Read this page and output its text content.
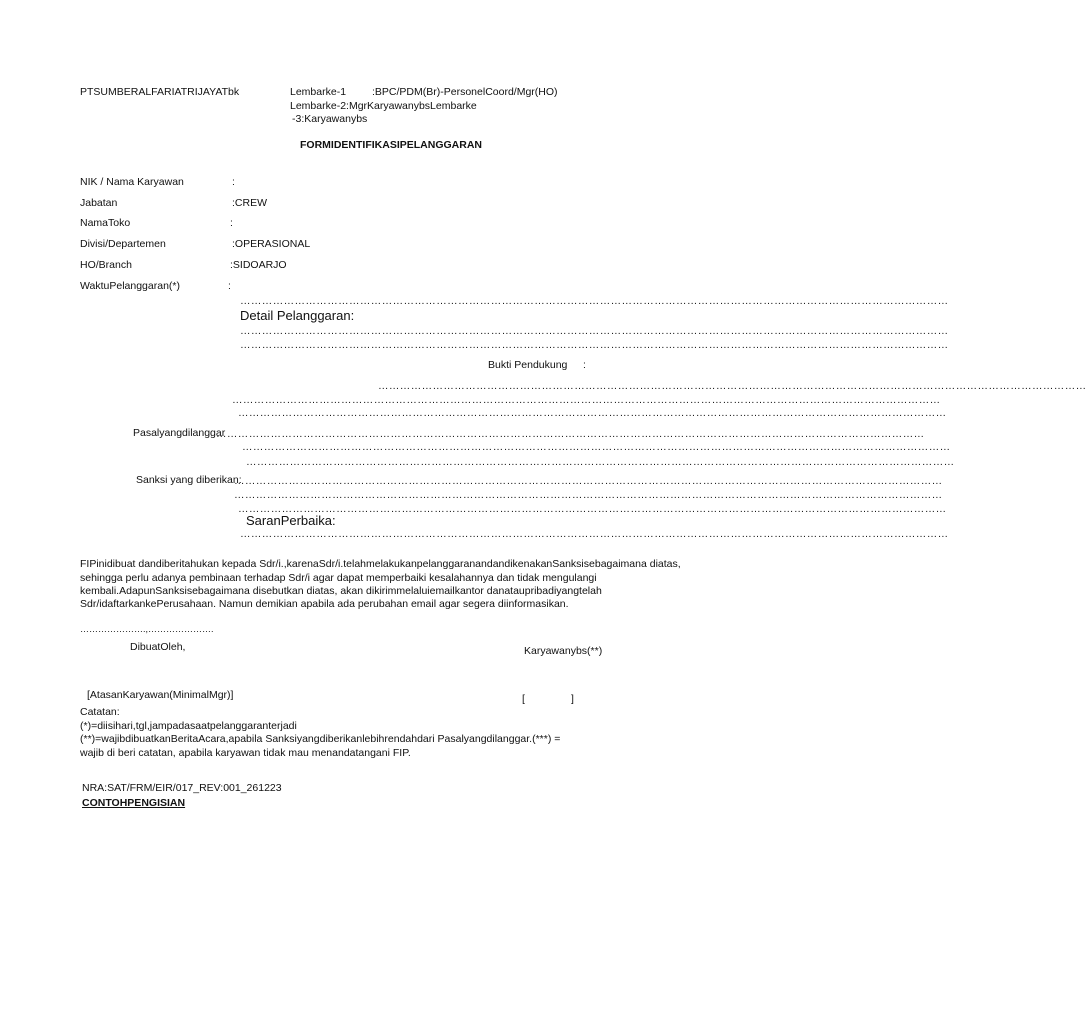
PTSUMBERALFARIATRIJAYATbk	Lembarke-1 :BPC/PDM(Br)-PersonelCoord/Mgr(HO)
Lembarke-2:MgrKaryawanybsLembarke
-3:Karyawanybs
FORMIDENTIFIKASIPELANGGARAN
NIK / Nama Karyawan	:
Jabatan	:CREW
NamaToko	:
Divisi/Departemen	:OPERASIONAL
HO/Branch	:SIDOARJO
WaktuPelanggaran(*)	:
……………………………………………………………………………………………………………………………………………………………………………
Detail Pelanggaran:
……………………………………………………………………………………………………………………………………………………………………………
……………………………………………………………………………………………………………………………………………………………………………
Bukti Pendukung :
……………………………………………………………………………………………………………………………………………………………………………
……………………………………………………………………………………………………………………………………………………………………………
……………………………………………………………………………………………………………………………………………………………………………
Pasalyangdilanggar
……………………………………………………………………………………………………………………………………………………………………………
……………………………………………………………………………………………………………………………………………………………………………
……………………………………………………………………………………………………………………………………………………………………………
Sanksi yang diberikan:
……………………………………………………………………………………………………………………………………………………………………………
……………………………………………………………………………………………………………………………………………………………………………
……………………………………………………………………………………………………………………………………………………………………………
SaranPerbaika:
……………………………………………………………………………………………………………………………………………………………………………
FIPinidibuat dandiberitahukan kepada Sdr/i.,karenaSdr/i.telahmelakukanpelanggaranandandikenakanSanksisebagaimana diatas,
sehingga perlu adanya pembinaan terhadap Sdr/i agar dapat memperbaiki kesalahannya dan tidak mengulangi
kembali.AdapunSanksisebagaimana disebutkan diatas, akan dikirimmelaluiemailkantor danataupribadiyangtelah
Sdr/idaftarkankePerusahaan. Namun demikian apabila ada perubahan email agar segera diinformasikan.
………………….,………………….
DibuatOleh,	Karyawanybs(**)
[AtasanKaryawan(MinimalMgr)]	[	]
Catatan:
(*)=diisihari,tgl,jampadasaatpelanggaranterjadi
(**)=wajibdibuatkanBeritaAcara,apabila Sanksiyangdiberikanlebihrendahdari Pasalyangdilanggar.(***) =
wajib di beri catatan, apabila karyawan tidak mau menandatangani FIP.
NRA:SAT/FRM/EIR/017_REV:001_261223
CONTOHPENGISIAN
